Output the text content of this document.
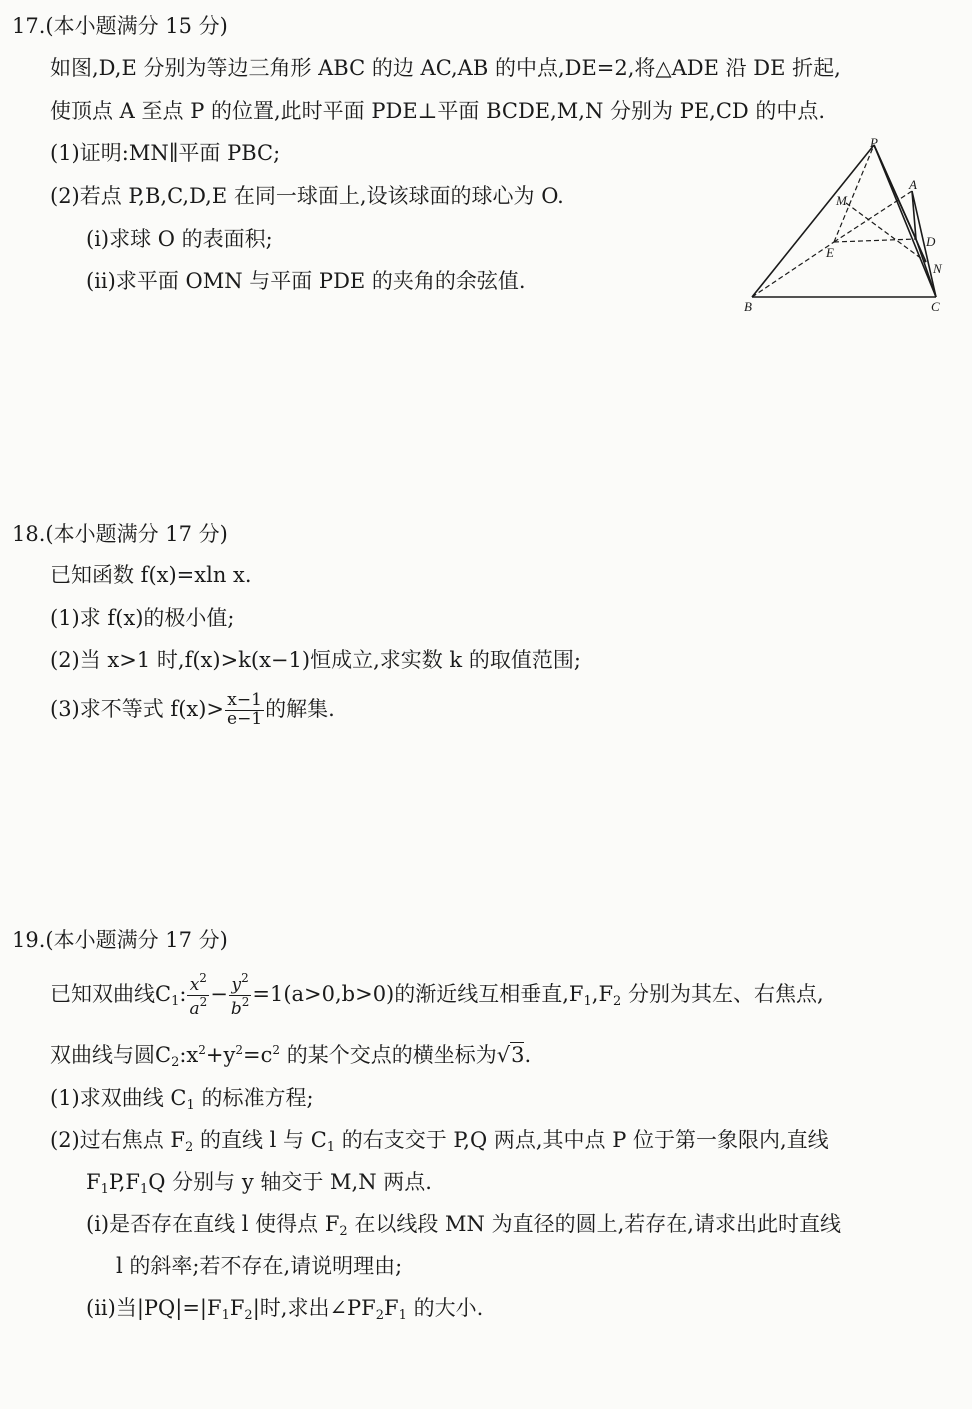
17.(本小题满分 15 分)
如图,D,E 分别为等边三角形 ABC 的边 AC,AB 的中点,DE=2,将△ADE 沿 DE 折起,
使顶点 A 至点 P 的位置,此时平面 PDE⊥平面 BCDE,M,N 分别为 PE,CD 的中点.
(1)证明:MN∥平面 PBC;
(2)若点 P,B,C,D,E 在同一球面上,设该球面的球心为 O.
(i)求球 O 的表面积;
(ii)求平面 OMN 与平面 PDE 的夹角的余弦值.
P
A
M
E
D
N
B	C
18.(本小题满分 17 分)
已知函数 f(x)=xln x.
(1)求 f(x)的极小值;
(2)当 x>1 时,f(x)>k(x−1)恒成立,求实数 k 的取值范围;
(3)求不等式 $f(x)> \frac{x-1}{e-1}$ 的解集.
19.(本小题满分 17 分)
已知双曲线$C_1$: $\frac{x^2}{a^2} - \frac{y^2}{b^2} =1(a>0,b>0)$的渐近线互相垂直$,F_1,F_2$ 分别为其左、右焦点,
双曲线与圆$C_2:x^2+y^2=c^2$ 的某个交点的横坐标为√3.
(1)求双曲线 $C_1$ 的标准方程;
(2)过右焦点 $F_2$ 的直线 l 与 $C_1$ 的右支交于 P,Q 两点,其中点 P 位于第一象限内,直线
$F_1P,F_1Q$ 分别与 y 轴交于 M,N 两点.
(i)是否存在直线 l 使得点 $F_2$ 在以线段 MN 为直径的圆上,若存在,请求出此时直线
l 的斜率;若不存在,请说明理由;
(ii)当$|PQ|=|F_1F_2|$时,求出$\angle PF_2F_1$ 的大小.
